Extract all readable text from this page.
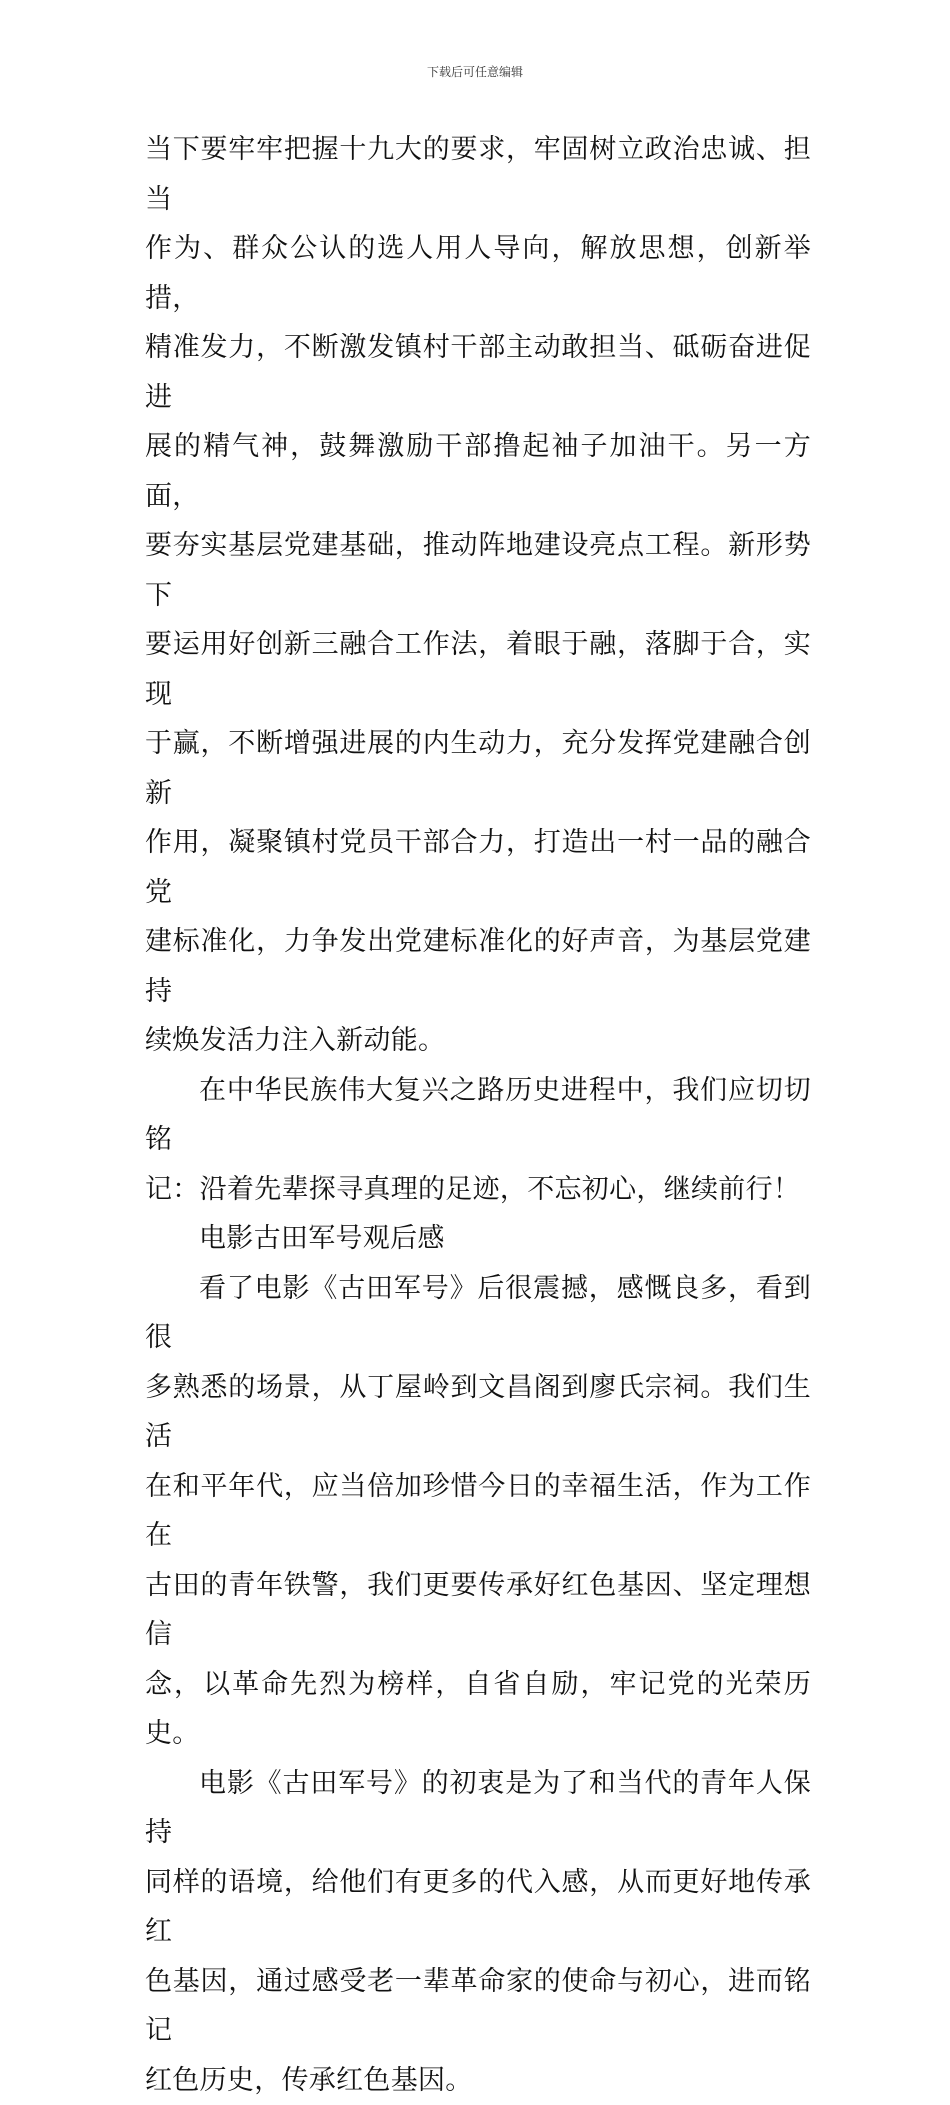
下载后可任意编辑

当下要牢牢把握十九大的要求，牢固树立政治忠诚、担当
作为、群众公认的选人用人导向，解放思想，创新举措，
精准发力，不断激发镇村干部主动敢担当、砥砺奋进促进
展的精气神，鼓舞激励干部撸起袖子加油干。另一方面，
要夯实基层党建基础，推动阵地建设亮点工程。新形势下
要运用好创新三融合工作法，着眼于融，落脚于合，实现
于赢，不断增强进展的内生动力，充分发挥党建融合创新
作用，凝聚镇村党员干部合力，打造出一村一品的融合党
建标准化，力争发出党建标准化的好声音，为基层党建持
续焕发活力注入新动能。

在中华民族伟大复兴之路历史进程中，我们应切切铭
记：沿着先辈探寻真理的足迹，不忘初心，继续前行！

电影古田军号观后感

看了电影《古田军号》后很震撼，感慨良多，看到很
多熟悉的场景，从丁屋岭到文昌阁到廖氏宗祠。我们生活
在和平年代，应当倍加珍惜今日的幸福生活，作为工作在
古田的青年铁警，我们更要传承好红色基因、坚定理想信
念，以革命先烈为榜样，自省自励，牢记党的光荣历史。

电影《古田军号》的初衷是为了和当代的青年人保持
同样的语境，给他们有更多的代入感，从而更好地传承红
色基因，通过感受老一辈革命家的使命与初心，进而铭记
红色历史，传承红色基因。
